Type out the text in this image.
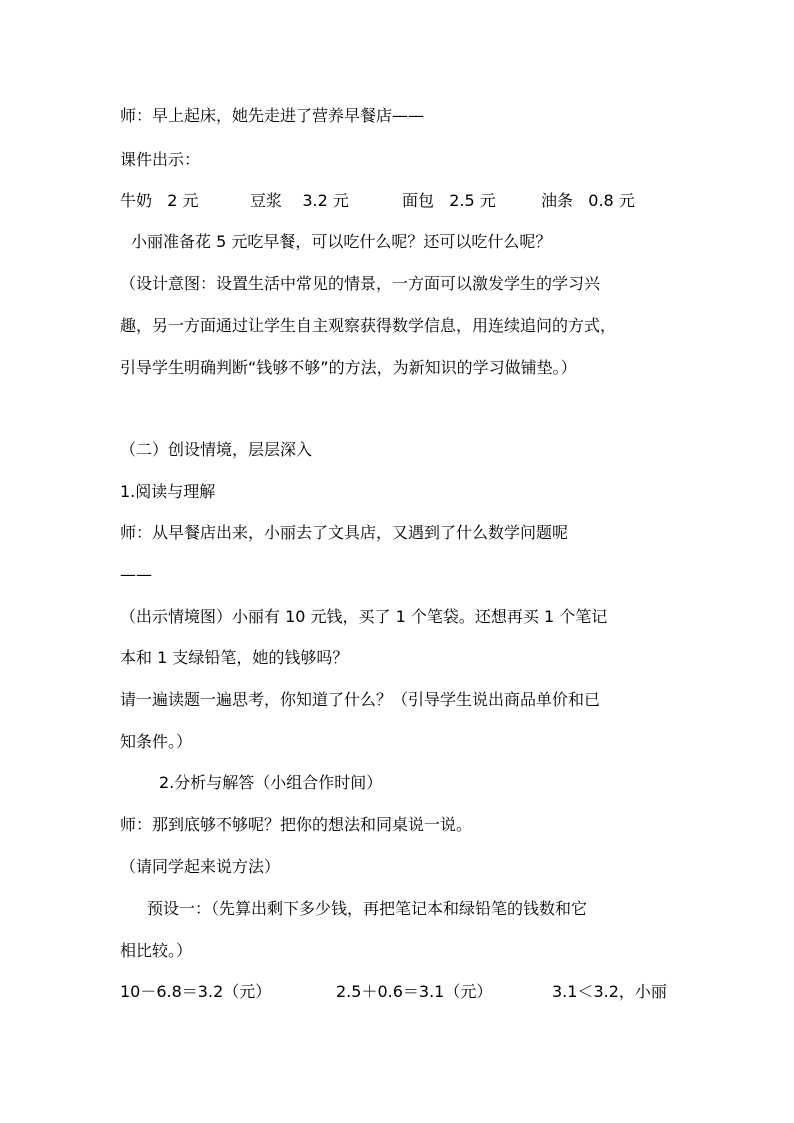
师：早上起床，她先走进了营养早餐店——
课件出示：
牛奶 2 元	豆浆 3.2 元	面包 2.5 元	油条 0.8 元
小丽准备花 5 元吃早餐，可以吃什么呢？还可以吃什么呢？
（设计意图：设置生活中常见的情景，一方面可以激发学生的学习兴
趣，另一方面通过让学生自主观察获得数学信息，用连续追问的方式，
引导学生明确判断“钱够不够”的方法，为新知识的学习做铺垫。）
（二）创设情境，层层深入
1.阅读与理解
师：从早餐店出来，小丽去了文具店，又遇到了什么数学问题呢
——
（出示情境图）小丽有 10 元钱，买了 1 个笔袋。还想再买 1 个笔记
本和 1 支绿铅笔，她的钱够吗？
请一遍读题一遍思考，你知道了什么？（引导学生说出商品单价和已
知条件。）
2.分析与解答（小组合作时间）
师：那到底够不够呢？把你的想法和同桌说一说。
（请同学起来说方法）
预设一：（先算出剩下多少钱，再把笔记本和绿铅笔的钱数和它
相比较。）
10－6.8＝3.2（元）	2.5＋0.6＝3.1（元）	3.1＜3.2，小丽
